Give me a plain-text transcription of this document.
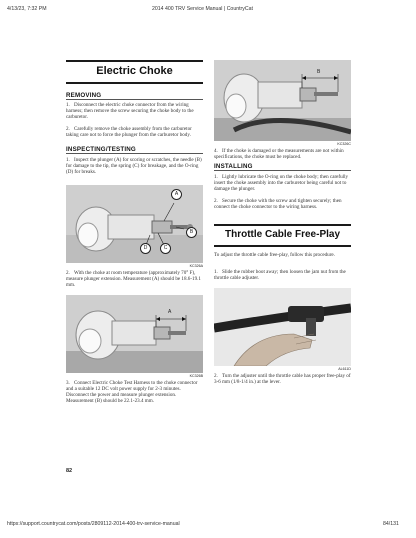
4/13/23, 7:32 PM	2014 400 TRV Service Manual | CountryCat
https://support.countrycat.com/posts/2809112-2014-400-trv-service-manual	84/131
Electric Choke
REMOVING
1. Disconnect the electric choke connector from the wiring harness; then remove the screw securing the choke body to the carburetor.
2. Carefully remove the choke assembly from the carburetor taking care not to force the plunger from the carburetor body.
INSPECTING/TESTING
1. Inspect the plunger (A) for scoring or scratches, the needle (B) for damage to the tip, the spring (C) for breakage, and the O-ring (D) for breaks.
A
B
C
D
KC326A
2. With the choke at room temperature (approximately 70° F), measure plunger extension. Measurement (A) should be 18.6-19.1 mm.
A
KC326B
3. Connect Electric Choke Test Harness to the choke connector and a suitable 12 DC volt power supply for 2-3 minutes. Disconnect the power and measure plunger extension. Measurement (B) should be 22.1-23.4 mm.
82
B
KC326C
4. If the choke is damaged or the measurements are not within specifications, the choke must be replaced.
INSTALLING
1. Lightly lubricate the O-ring on the choke body; then carefully insert the choke assembly into the carburetor being careful not to damage the plunger.
2. Secure the choke with the screw and tighten securely; then connect the choke connector to the wiring harness.
Throttle Cable Free-Play
To adjust the throttle cable free-play, follow this procedure.
1. Slide the rubber boot away; then loosen the jam nut from the throttle cable adjuster.
AL611D
2. Turn the adjuster until the throttle cable has proper free-play of 3-6 mm (1/8-1/4 in.) at the lever.
